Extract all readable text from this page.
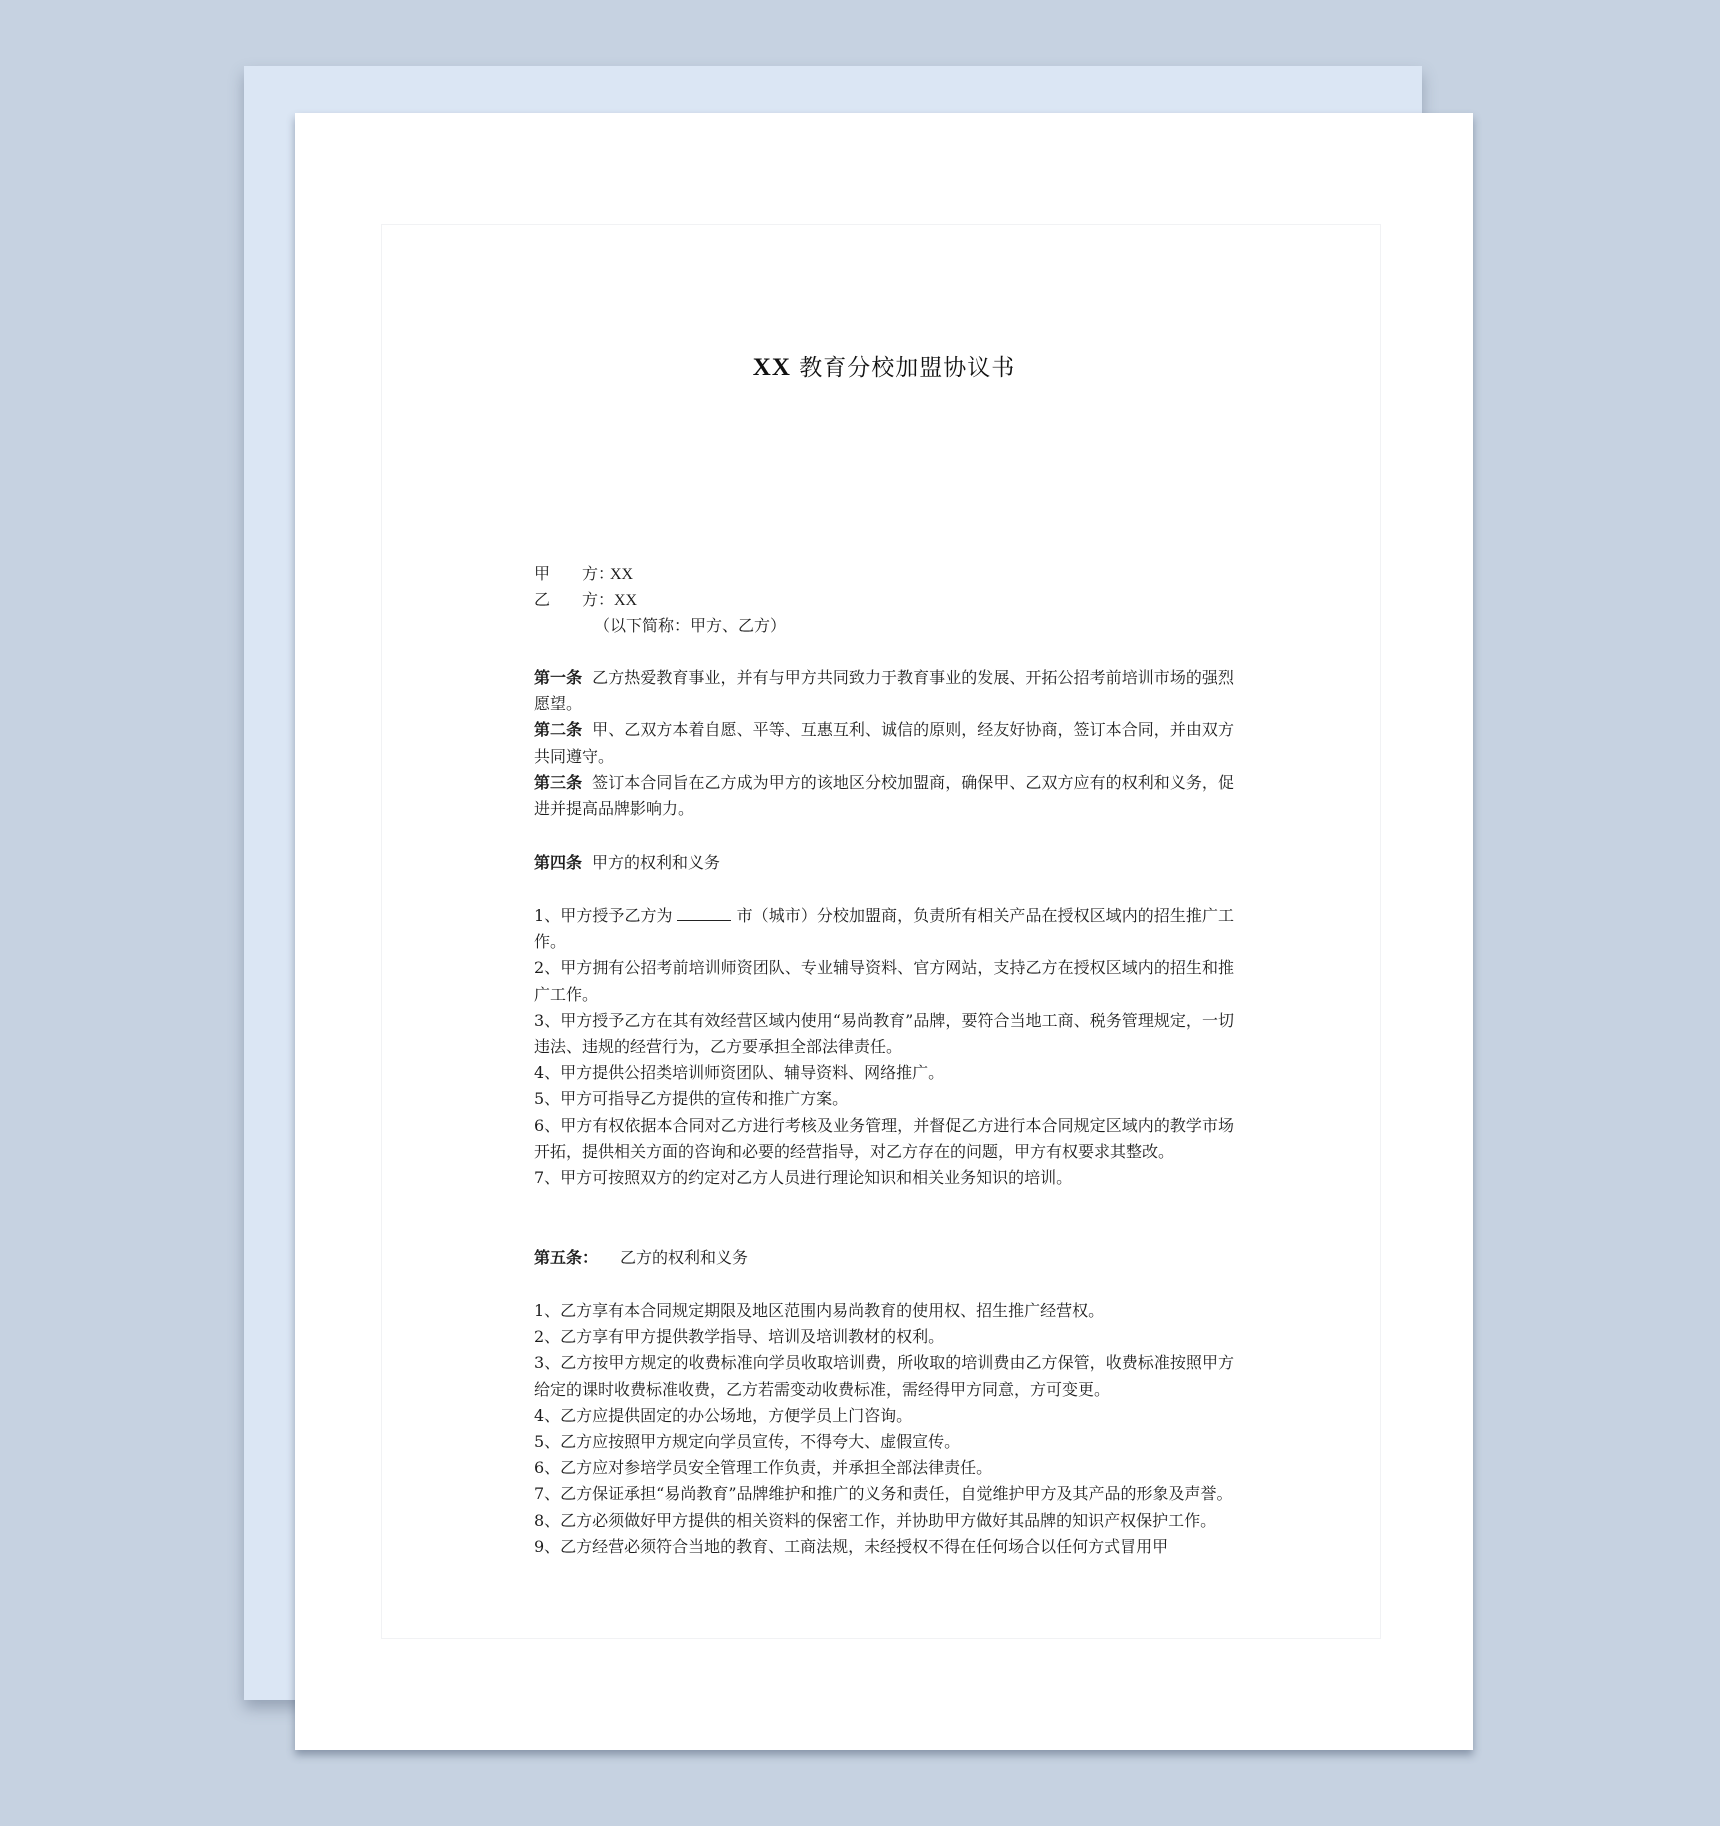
XX 教育分校加盟协议书
甲 方：XX
乙 方：XX
（以下简称：甲方、乙方）
第一条 乙方热爱教育事业，并有与甲方共同致力于教育事业的发展、开拓公招考前培训市场的强烈愿望。
第二条 甲、乙双方本着自愿、平等、互惠互利、诚信的原则，经友好协商，签订本合同，并由双方共同遵守。
第三条 签订本合同旨在乙方成为甲方的该地区分校加盟商，确保甲、乙双方应有的权利和义务，促进并提高品牌影响力。
第四条 甲方的权利和义务
1、甲方授予乙方为	市（城市）分校加盟商，负责所有相关产品在授权区域内的招生推广工作。
2、甲方拥有公招考前培训师资团队、专业辅导资料、官方网站，支持乙方在授权区域内的招生和推广工作。
3、甲方授予乙方在其有效经营区域内使用“易尚教育”品牌，要符合当地工商、税务管理规定，一切违法、违规的经营行为，乙方要承担全部法律责任。
4、甲方提供公招类培训师资团队、辅导资料、网络推广。
5、甲方可指导乙方提供的宣传和推广方案。
6、甲方有权依据本合同对乙方进行考核及业务管理，并督促乙方进行本合同规定区域内的教学市场开拓，提供相关方面的咨询和必要的经营指导，对乙方存在的问题，甲方有权要求其整改。
7、甲方可按照双方的约定对乙方人员进行理论知识和相关业务知识的培训。
第五条： 乙方的权利和义务
1、乙方享有本合同规定期限及地区范围内易尚教育的使用权、招生推广经营权。
2、乙方享有甲方提供教学指导、培训及培训教材的权利。
3、乙方按甲方规定的收费标准向学员收取培训费，所收取的培训费由乙方保管，收费标准按照甲方给定的课时收费标准收费，乙方若需变动收费标准，需经得甲方同意，方可变更。
4、乙方应提供固定的办公场地，方便学员上门咨询。
5、乙方应按照甲方规定向学员宣传，不得夸大、虚假宣传。
6、乙方应对参培学员安全管理工作负责，并承担全部法律责任。
7、乙方保证承担“易尚教育”品牌维护和推广的义务和责任，自觉维护甲方及其产品的形象及声誉。
8、乙方必须做好甲方提供的相关资料的保密工作，并协助甲方做好其品牌的知识产权保护工作。
9、乙方经营必须符合当地的教育、工商法规，未经授权不得在任何场合以任何方式冒用甲
